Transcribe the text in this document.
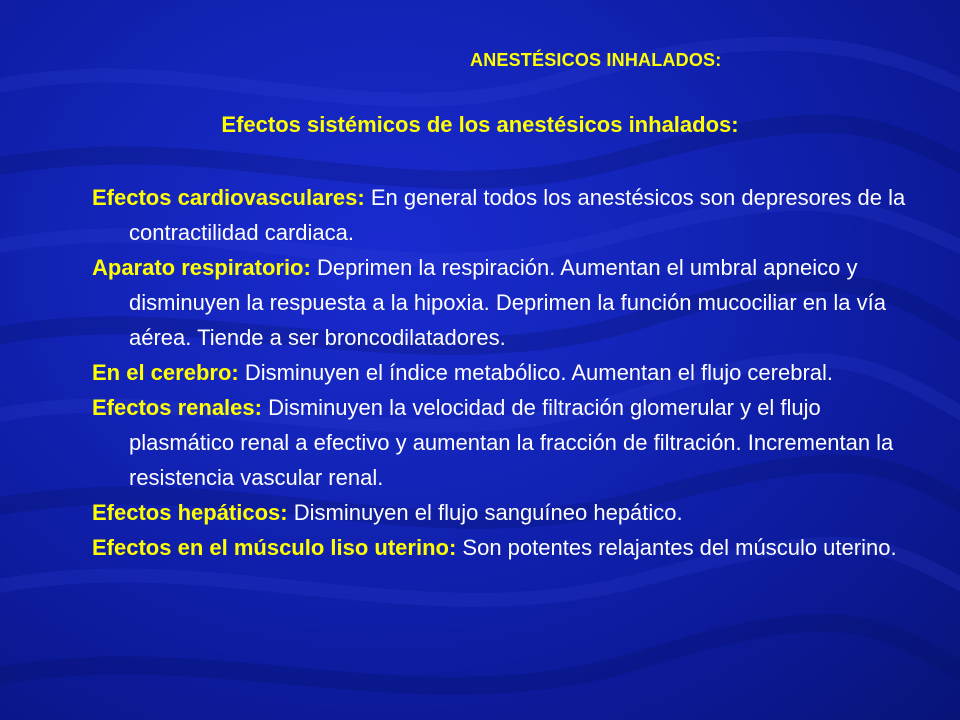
ANESTÉSICOS INHALADOS:
Efectos sistémicos de los anestésicos inhalados:

Efectos cardiovasculares: En general todos los anestésicos son depresores de la contractilidad cardiaca.

Aparato respiratorio: Deprimen la respiración. Aumentan el umbral apneico y disminuyen la respuesta a la hipoxia. Deprimen la función mucociliar en la vía aérea. Tiende a ser broncodilatadores.

En el cerebro: Disminuyen el índice metabólico. Aumentan el flujo cerebral.

Efectos renales: Disminuyen la velocidad de filtración glomerular y el flujo plasmático renal a efectivo y aumentan la fracción de filtración. Incrementan la resistencia vascular renal.

Efectos hepáticos: Disminuyen el flujo sanguíneo hepático.

Efectos en el músculo liso uterino: Son potentes relajantes del músculo uterino.
